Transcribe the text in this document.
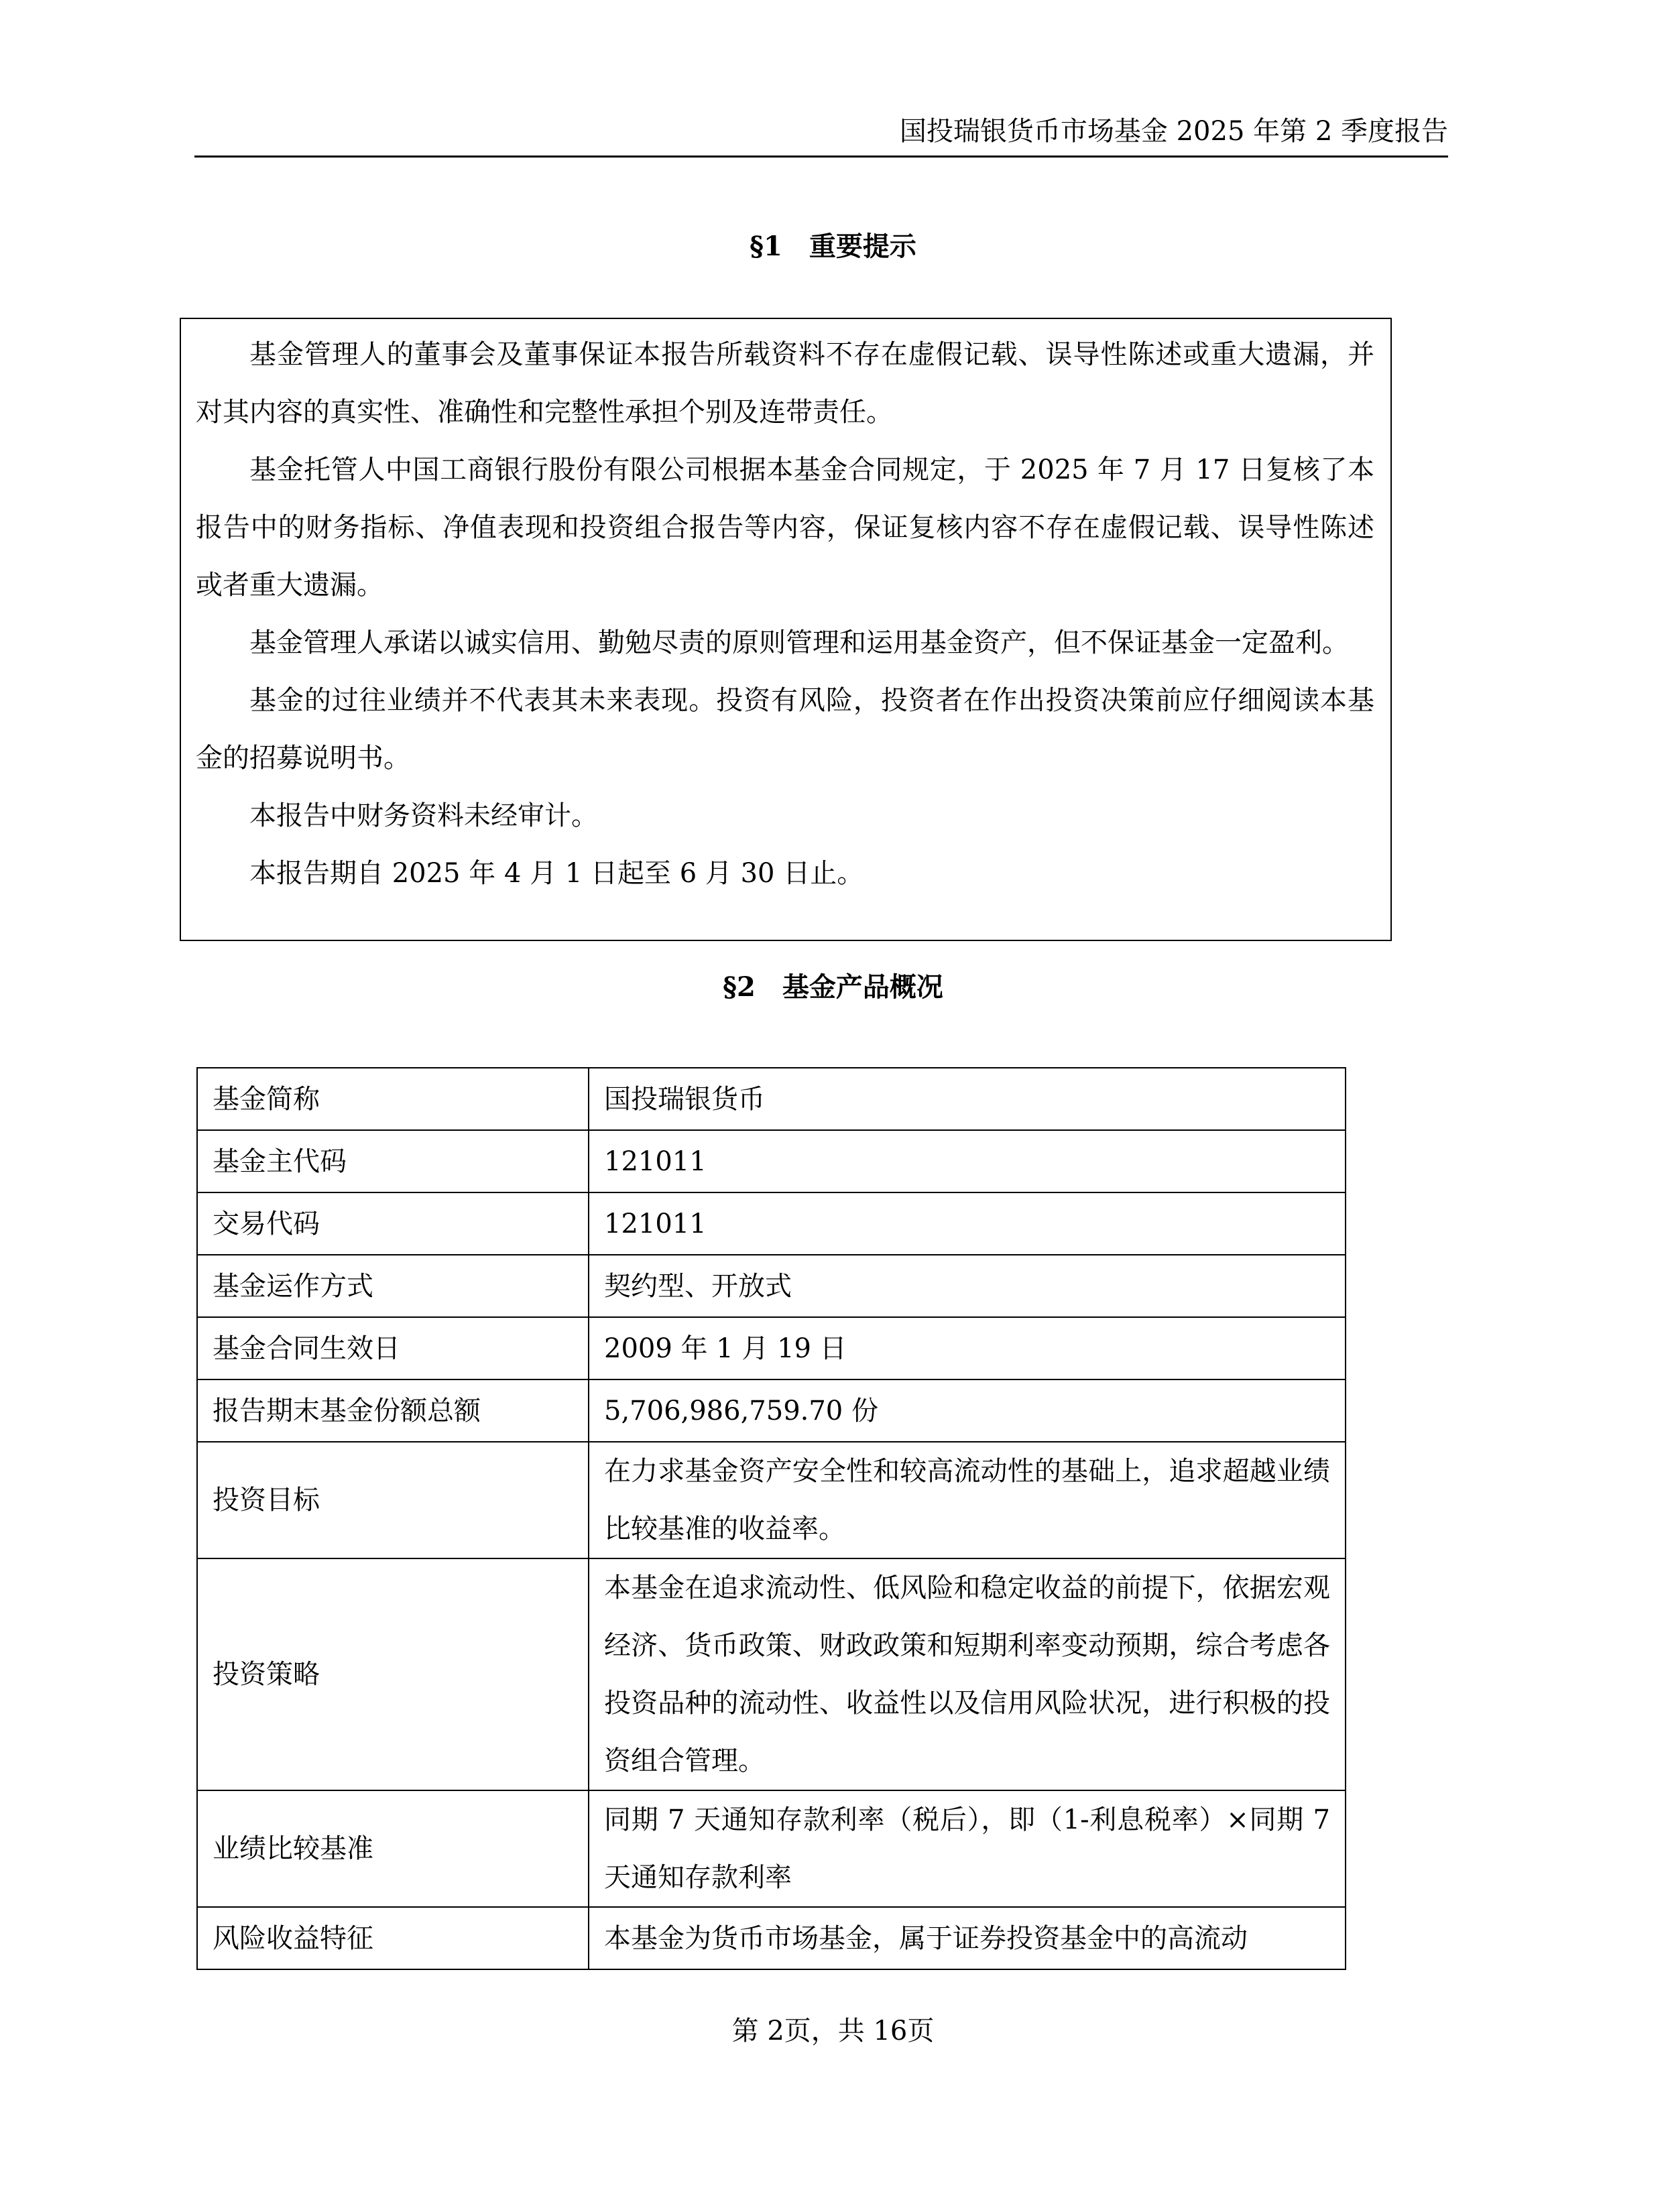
国投瑞银货币市场基金 2025 年第 2 季度报告
§1 重要提示

基金管理人的董事会及董事保证本报告所载资料不存在虚假记载、误导性陈述或重大遗漏，并对其内容的真实性、准确性和完整性承担个别及连带责任。

基金托管人中国工商银行股份有限公司根据本基金合同规定，于 2025 年 7 月 17 日复核了本报告中的财务指标、净值表现和投资组合报告等内容，保证复核内容不存在虚假记载、误导性陈述或者重大遗漏。

基金管理人承诺以诚实信用、勤勉尽责的原则管理和运用基金资产，但不保证基金一定盈利。

基金的过往业绩并不代表其未来表现。投资有风险，投资者在作出投资决策前应仔细阅读本基金的招募说明书。

本报告中财务资料未经审计。

本报告期自 2025 年 4 月 1 日起至 6 月 30 日止。

§2 基金产品概况
基金简称	国投瑞银货币
基金主代码	121011
交易代码	121011
基金运作方式	契约型、开放式
基金合同生效日	2009 年 1 月 19 日
报告期末基金份额总额	5,706,986,759.70 份
投资目标	在力求基金资产安全性和较高流动性的基础上，追求超越业绩比较基准的收益率。
投资策略	本基金在追求流动性、低风险和稳定收益的前提下，依据宏观经济、货币政策、财政政策和短期利率变动预期，综合考虑各投资品种的流动性、收益性以及信用风险状况，进行积极的投资组合管理。
业绩比较基准	同期 7 天通知存款利率（税后），即（1-利息税率）×同期 7 天通知存款利率
风险收益特征	本基金为货币市场基金，属于证券投资基金中的高流动
第 2页，共 16页
